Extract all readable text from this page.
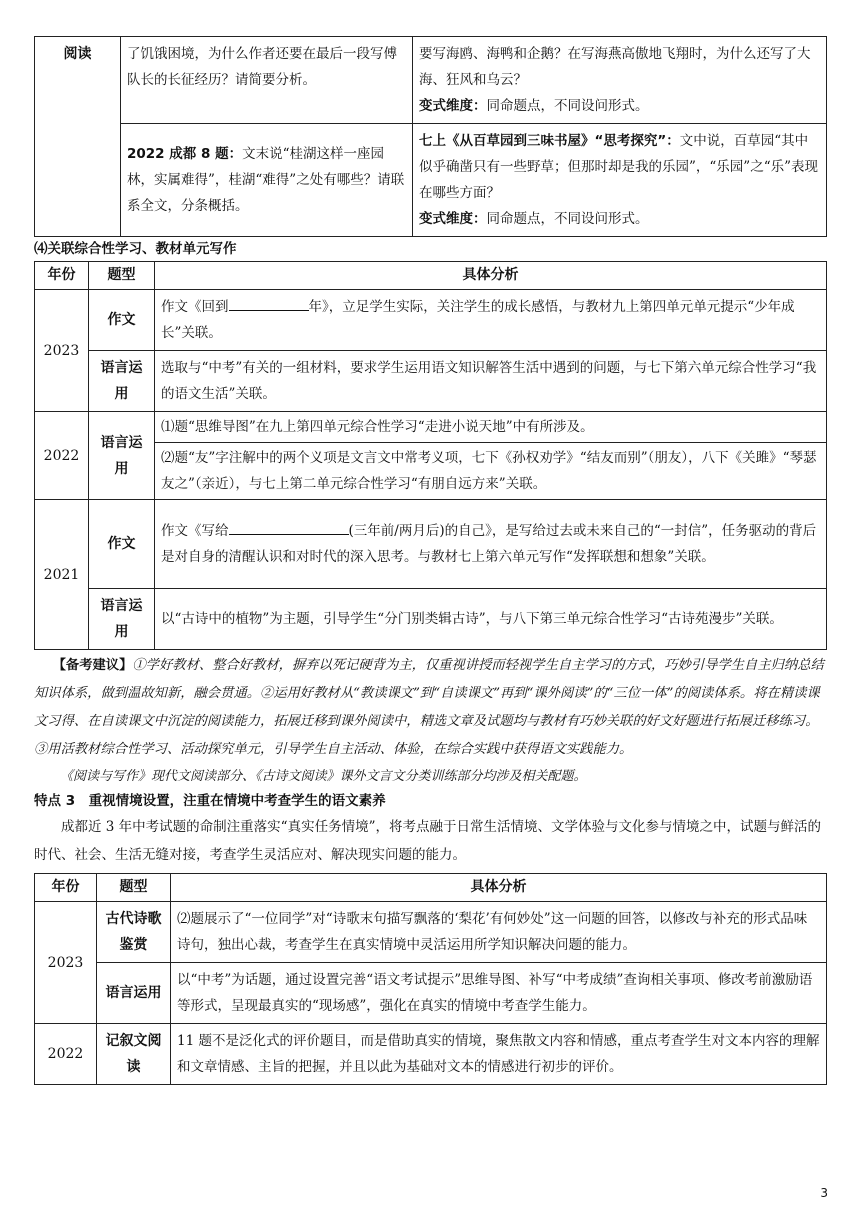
阅读	了饥饿困境，为什么作者还要在最后一段写傅队长的长征经历？请简要分析。	要写海鸥、海鸭和企鹅？在写海燕高傲地飞翔时，为什么还写了大海、狂风和乌云？
变式维度：同命题点，不同设问形式。
	2022 成都 8 题：文末说“桂湖这样一座园林，实属难得”，桂湖“难得”之处有哪些？请联系全文，分条概括。	七上《从百草园到三味书屋》“思考探究”：文中说，百草园“其中似乎确凿只有一些野草；但那时却是我的乐园”，“乐园”之“乐”表现在哪些方面？
变式维度：同命题点，不同设问形式。
⑷关联综合性学习、教材单元写作
年份	题型	具体分析
2023	作文	作文《回到 年》，立足学生实际，关注学生的成长感悟，与教材九上第四单元单元提示“少年成长”关联。
	语言运用	选取与“中考”有关的一组材料，要求学生运用语文知识解答生活中遇到的问题，与七下第六单元综合性学习“我的语文生活”关联。
2022	语言运用	⑴题“思维导图”在九上第四单元综合性学习“走进小说天地”中有所涉及。
⑵题“友”字注解中的两个义项是文言文中常考义项，七下《孙权劝学》“结友而别”（朋友），八下《关雎》“琴瑟友之”（亲近），与七上第二单元综合性学习“有朋自远方来”关联。

2021	作文	作文《写给 (三年前/两月后)的自己》，是写给过去或未来自己的“一封信”，任务驱动的背后是对自身的清醒认识和对时代的深入思考。与教材七上第六单元写作“发挥联想和想象”关联。
	语言运用	以“古诗中的植物”为主题，引导学生“分门别类辑古诗”，与八下第三单元综合性学习“古诗苑漫步”关联。

【备考建议】①学好教材、整合好教材，摒弃以死记硬背为主，仅重视讲授而轻视学生自主学习的方式，巧妙引导学生自主归纳总结知识体系，做到温故知新，融会贯通。②运用好教材从“教读课文”到“自读课文”再到“课外阅读”的“三位一体”的阅读体系。将在精读课文习得、在自读课文中沉淀的阅读能力，拓展迁移到课外阅读中，精选文章及试题均与教材有巧妙关联的好文好题进行拓展迁移练习。③用活教材综合性学习、活动探究单元，引导学生自主活动、体验，在综合实践中获得语文实践能力。

《阅读与写作》现代文阅读部分、《古诗文阅读》课外文言文分类训练部分均涉及相关配题。

特点 3　重视情境设置，注重在情境中考查学生的语文素养

成都近 3 年中考试题的命制注重落实“真实任务情境”，将考点融于日常生活情境、文学体验与文化参与情境之中，试题与鲜活的时代、社会、生活无缝对接，考查学生灵活应对、解决现实问题的能力。

年份	题型	具体分析
2023	古代诗歌鉴赏	⑵题展示了“一位同学”对“诗歌末句描写飘落的‘梨花’有何妙处”这一问题的回答，以修改与补充的形式品味诗句，独出心裁，考查学生在真实情境中灵活运用所学知识解决问题的能力。
	语言运用	以“中考”为话题，通过设置完善“语文考试提示”思维导图、补写“中考成绩”查询相关事项、修改考前激励语等形式，呈现最真实的“现场感”，强化在真实的情境中考查学生能力。
2022	记叙文阅读	11 题不是泛化式的评价题目，而是借助真实的情境，聚焦散文内容和情感，重点考查学生对文本内容的理解和文章情感、主旨的把握，并且以此为基础对文本的情感进行初步的评价。
3
